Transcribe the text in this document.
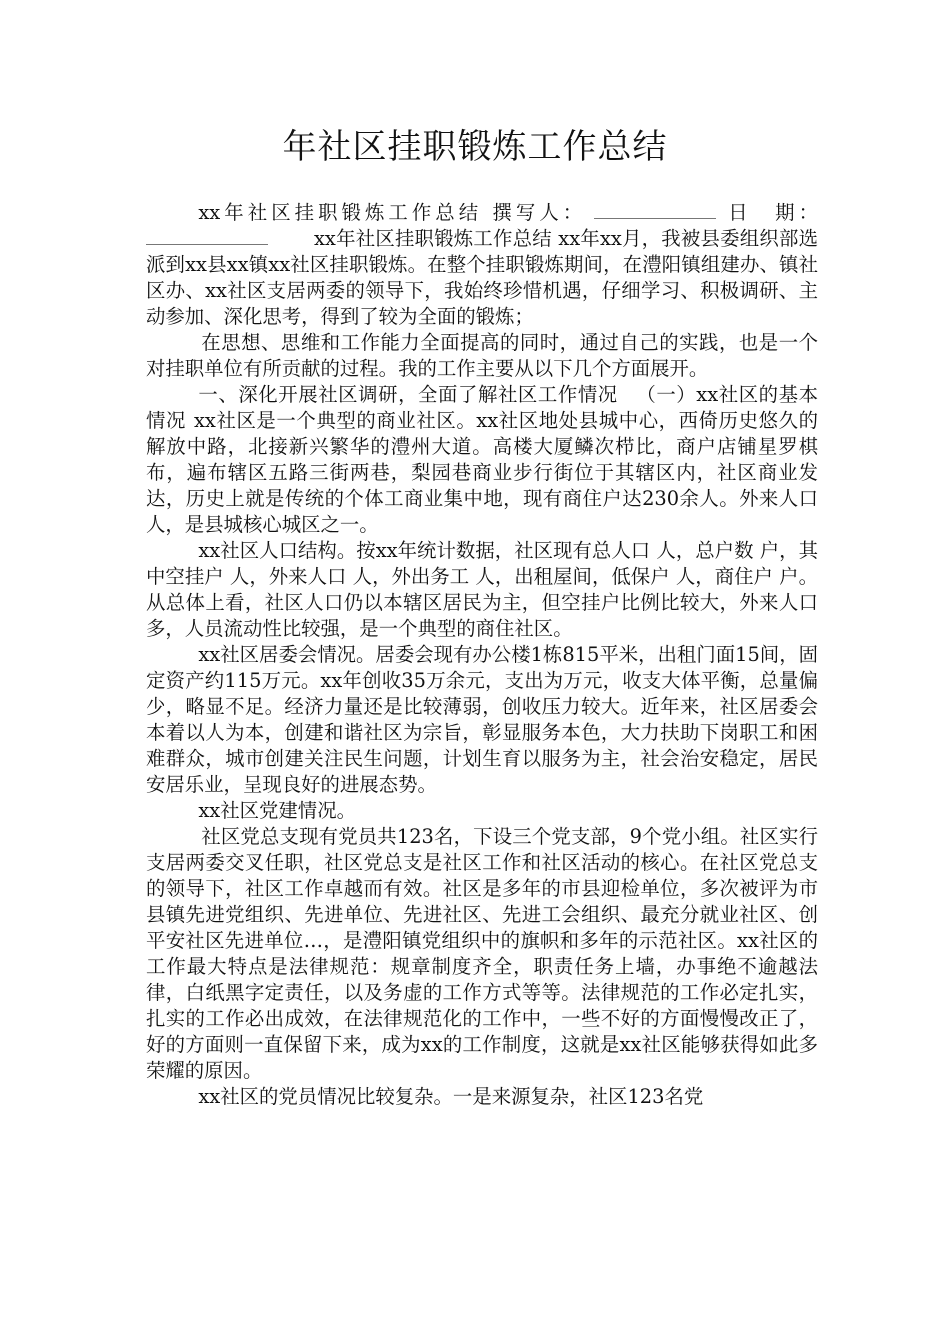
年社区挂职锻炼工作总结

xx年社区挂职锻炼工作总结 撰写人：	日　期：xx年社区挂职锻炼工作总结 xx年xx月，我被县委组织部选派到xx县xx镇xx社区挂职锻炼。在整个挂职锻炼期间，在澧阳镇组建办、镇社区办、xx社区支居两委的领导下，我始终珍惜机遇，仔细学习、积极调研、主动参加、深化思考，得到了较为全面的锻炼；

在思想、思维和工作能力全面提高的同时，通过自己的实践，也是一个对挂职单位有所贡献的过程。我的工作主要从以下几个方面展开。

一、深化开展社区调研，全面了解社区工作情况 （一）xx社区的基本情况 xx社区是一个典型的商业社区。xx社区地处县城中心，西倚历史悠久的解放中路，北接新兴繁华的澧州大道。高楼大厦鳞次栉比，商户店铺星罗棋布，遍布辖区五路三街两巷，梨园巷商业步行街位于其辖区内，社区商业发达，历史上就是传统的个体工商业集中地，现有商住户达230余人。外来人口 人，是县城核心城区之一。

xx社区人口结构。按xx年统计数据，社区现有总人口 人，总户数 户，其中空挂户 人，外来人口 人，外出务工 人，出租屋间，低保户 人，商住户 户。从总体上看，社区人口仍以本辖区居民为主，但空挂户比例比较大，外来人口多，人员流动性比较强，是一个典型的商住社区。

xx社区居委会情况。居委会现有办公楼1栋815平米，出租门面15间，固定资产约115万元。xx年创收35万余元，支出为万元，收支大体平衡，总量偏少，略显不足。经济力量还是比较薄弱，创收压力较大。近年来，社区居委会本着以人为本，创建和谐社区为宗旨，彰显服务本色，大力扶助下岗职工和困难群众，城市创建关注民生问题，计划生育以服务为主，社会治安稳定，居民安居乐业，呈现良好的进展态势。

xx社区党建情况。

社区党总支现有党员共123名，下设三个党支部，9个党小组。社区实行支居两委交叉任职，社区党总支是社区工作和社区活动的核心。在社区党总支的领导下，社区工作卓越而有效。社区是多年的市县迎检单位，多次被评为市县镇先进党组织、先进单位、先进社区、先进工会组织、最充分就业社区、创平安社区先进单位…，是澧阳镇党组织中的旗帜和多年的示范社区。xx社区的工作最大特点是法律规范：规章制度齐全，职责任务上墙，办事绝不逾越法律，白纸黑字定责任，以及务虚的工作方式等等。法律规范的工作必定扎实，扎实的工作必出成效，在法律规范化的工作中，一些不好的方面慢慢改正了，好的方面则一直保留下来，成为xx的工作制度，这就是xx社区能够获得如此多荣耀的原因。

xx社区的党员情况比较复杂。一是来源复杂，社区123名党
